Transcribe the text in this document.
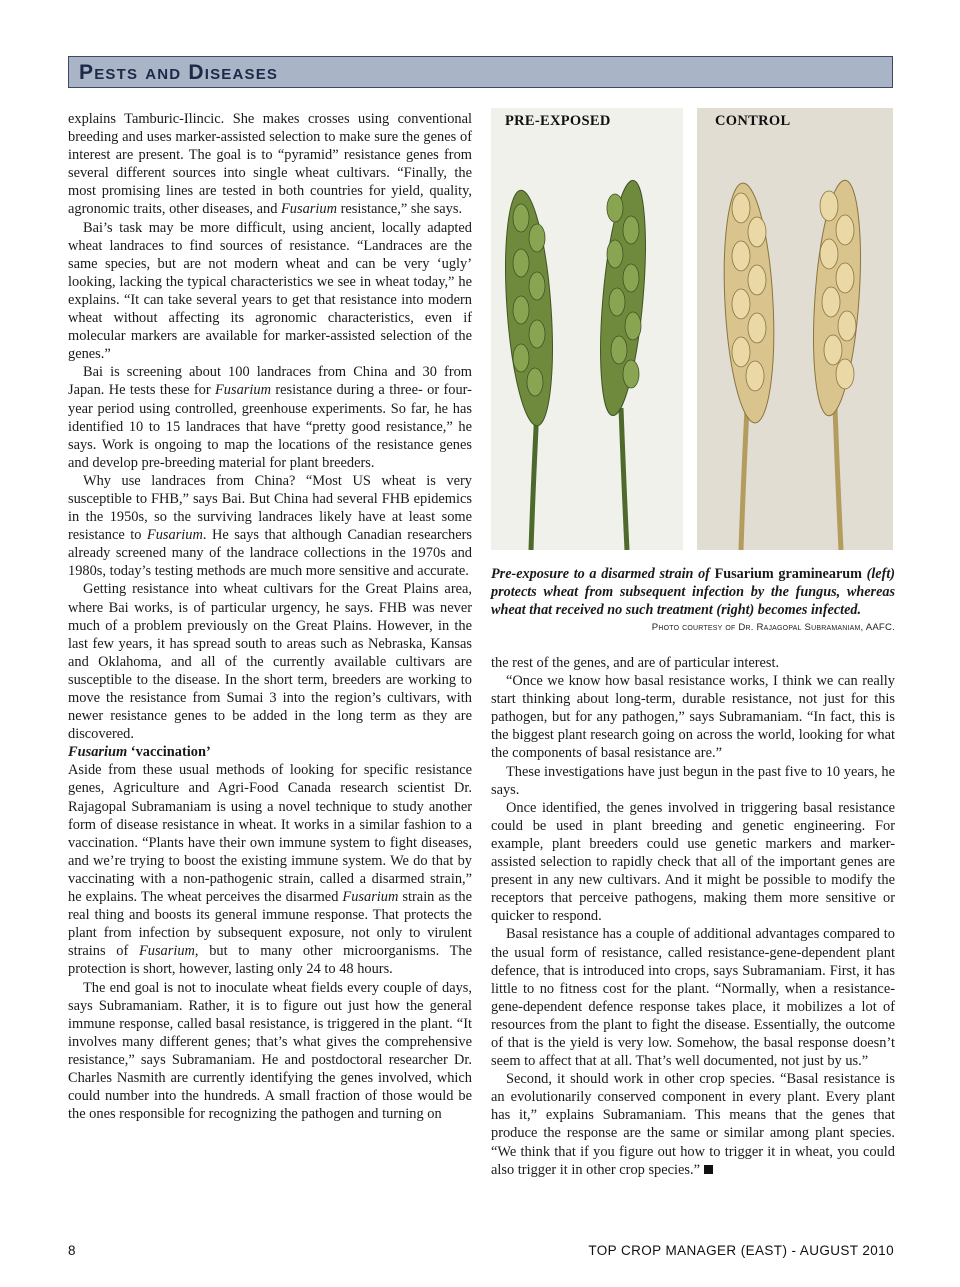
Pests and Diseases

explains Tamburic-Ilincic. She makes crosses using conventional breeding and uses marker-assisted selection to make sure the genes of interest are present. The goal is to “pyramid” resistance genes from several different sources into single wheat cultivars. “Finally, the most promising lines are tested in both countries for yield, quality, agronomic traits, other diseases, and Fusarium resistance,” she says.

Bai’s task may be more difficult, using ancient, locally adapted wheat landraces to find sources of resistance. “Landraces are the same species, but are not modern wheat and can be very ‘ugly’ looking, lacking the typical characteristics we see in wheat today,” he explains. “It can take several years to get that resistance into modern wheat without affecting its agronomic characteristics, even if molecular markers are available for marker-assisted selection of the genes.”

Bai is screening about 100 landraces from China and 30 from Japan. He tests these for Fusarium resistance during a three- or four-year period using controlled, greenhouse experiments. So far, he has identified 10 to 15 landraces that have “pretty good resistance,” he says. Work is ongoing to map the locations of the resistance genes and develop pre-breeding material for plant breeders.

Why use landraces from China? “Most US wheat is very susceptible to FHB,” says Bai. But China had several FHB epidemics in the 1950s, so the surviving landraces likely have at least some resistance to Fusarium. He says that although Canadian researchers already screened many of the landrace collections in the 1970s and 1980s, today’s testing methods are much more sensitive and accurate.

Getting resistance into wheat cultivars for the Great Plains area, where Bai works, is of particular urgency, he says. FHB was never much of a problem previously on the Great Plains. However, in the last few years, it has spread south to areas such as Nebraska, Kansas and Oklahoma, and all of the currently available cultivars are susceptible to the disease. In the short term, breeders are working to move the resistance from Sumai 3 into the region’s cultivars, with newer resistance genes to be added in the long term as they are discovered.

Fusarium ‘vaccination’

Aside from these usual methods of looking for specific resistance genes, Agriculture and Agri-Food Canada research scientist Dr. Rajagopal Subramaniam is using a novel technique to study another form of disease resistance in wheat. It works in a similar fashion to a vaccination. “Plants have their own immune system to fight diseases, and we’re trying to boost the existing immune system. We do that by vaccinating with a non-pathogenic strain, called a disarmed strain,” he explains. The wheat perceives the disarmed Fusarium strain as the real thing and boosts its general immune response. That protects the plant from infection by subsequent exposure, not only to virulent strains of Fusarium, but to many other microorganisms. The protection is short, however, lasting only 24 to 48 hours.

The end goal is not to inoculate wheat fields every couple of days, says Subramaniam. Rather, it is to figure out just how the general immune response, called basal resistance, is triggered in the plant. “It involves many different genes; that’s what gives the comprehensive resistance,” says Subramaniam. He and postdoctoral researcher Dr. Charles Nasmith are currently identifying the genes involved, which could number into the hundreds. A small fraction of those would be the ones responsible for recognizing the pathogen and turning on

PRE-EXPOSED	CONTROL
Pre-exposure to a disarmed strain of Fusarium graminearum (left) protects wheat from subsequent infection by the fungus, whereas wheat that received no such treatment (right) becomes infected.
Photo courtesy of Dr. Rajagopal Subramaniam, AAFC.

the rest of the genes, and are of particular interest.

“Once we know how basal resistance works, I think we can really start thinking about long-term, durable resistance, not just for this pathogen, but for any pathogen,” says Subramaniam. “In fact, this is the biggest plant research going on across the world, looking for what the components of basal resistance are.”

These investigations have just begun in the past five to 10 years, he says.

Once identified, the genes involved in triggering basal resistance could be used in plant breeding and genetic engineering. For example, plant breeders could use genetic markers and marker-assisted selection to rapidly check that all of the important genes are present in any new cultivars. And it might be possible to modify the receptors that perceive pathogens, making them more sensitive or quicker to respond.

Basal resistance has a couple of additional advantages compared to the usual form of resistance, called resistance-gene-dependent plant defence, that is introduced into crops, says Subramaniam. First, it has little to no fitness cost for the plant. “Normally, when a resistance-gene-dependent defence response takes place, it mobilizes a lot of resources from the plant to fight the disease. Essentially, the outcome of that is the yield is very low. Somehow, the basal response doesn’t seem to affect that at all. That’s well documented, not just by us.”

Second, it should work in other crop species. “Basal resistance is an evolutionarily conserved component in every plant. Every plant has it,” explains Subramaniam. This means that the genes that produce the response are the same or similar among plant species. “We think that if you figure out how to trigger it in wheat, you could also trigger it in other crop species.”

8	TOP CROP MANAGER (EAST) - AUGUST 2010
